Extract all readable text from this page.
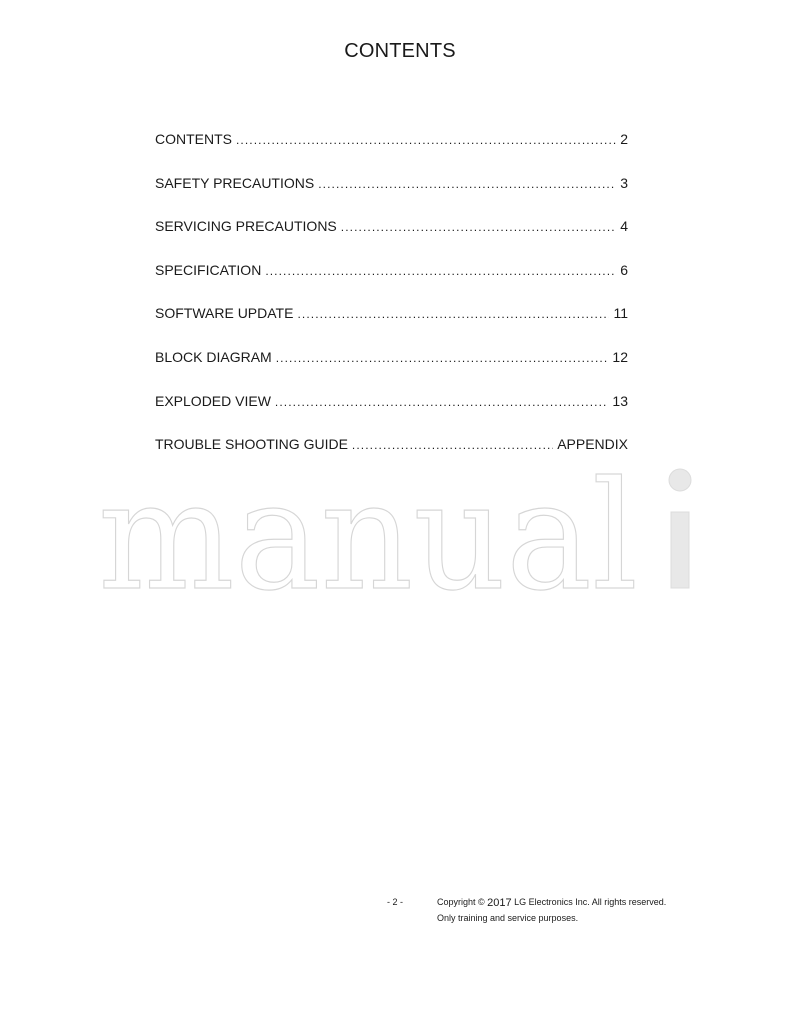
CONTENTS
CONTENTS .....	2
SAFETY PRECAUTIONS .....	3
SERVICING PRECAUTIONS .....	4
SPECIFICATION .....	6
SOFTWARE UPDATE .....	11
BLOCK DIAGRAM .....	12
EXPLODED VIEW .....	13
TROUBLE SHOOTING GUIDE .....	APPENDIX
manual
- 2 -	Copyright © 2017 LG Electronics Inc. All rights reserved.
Only training and service purposes.
